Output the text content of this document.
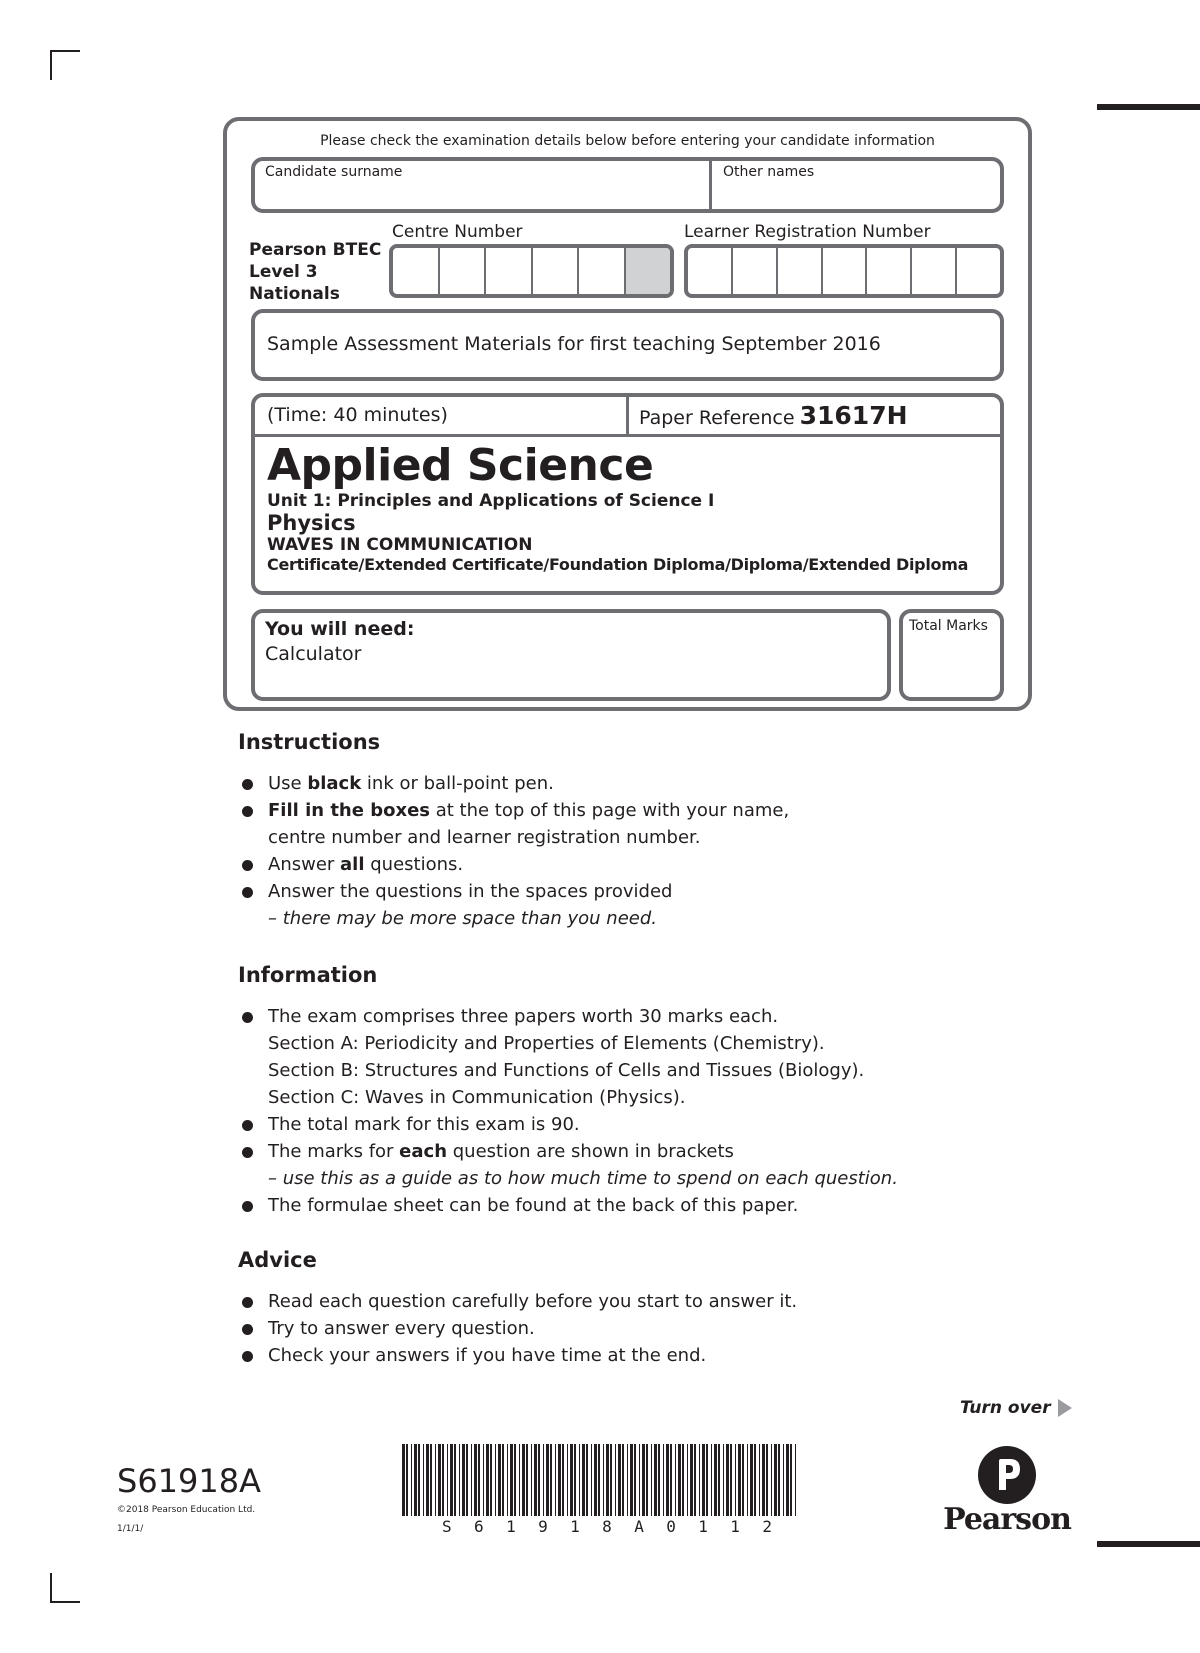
Please check the examination details below before entering your candidate information
Candidate surname	Other names
Pearson BTEC
Level 3
Nationals
Centre Number	Learner Registration Number
Sample Assessment Materials for first teaching September 2016
(Time: 40 minutes)	Paper Reference 31617H
Applied Science
Unit 1: Principles and Applications of Science I
Physics
WAVES IN COMMUNICATION
Certificate/Extended Certificate/Foundation Diploma/Diploma/Extended Diploma
You will need:
Calculator
Total Marks
Instructions
Use black ink or ball-point pen.
Fill in the boxes at the top of this page with your name,
centre number and learner registration number.
Answer all questions.
Answer the questions in the spaces provided
– there may be more space than you need.
Information
The exam comprises three papers worth 30 marks each.
Section A: Periodicity and Properties of Elements (Chemistry).
Section B: Structures and Functions of Cells and Tissues (Biology).
Section C: Waves in Communication (Physics).
The total mark for this exam is 90.
The marks for each question are shown in brackets
– use this as a guide as to how much time to spend on each question.
The formulae sheet can be found at the back of this paper.
Advice
Read each question carefully before you start to answer it.
Try to answer every question.
Check your answers if you have time at the end.
Turn over
S61918A
©2018 Pearson Education Ltd.
1/1/1/	S 6 1 9 1 8 A 0 1 1 2	Pearson
